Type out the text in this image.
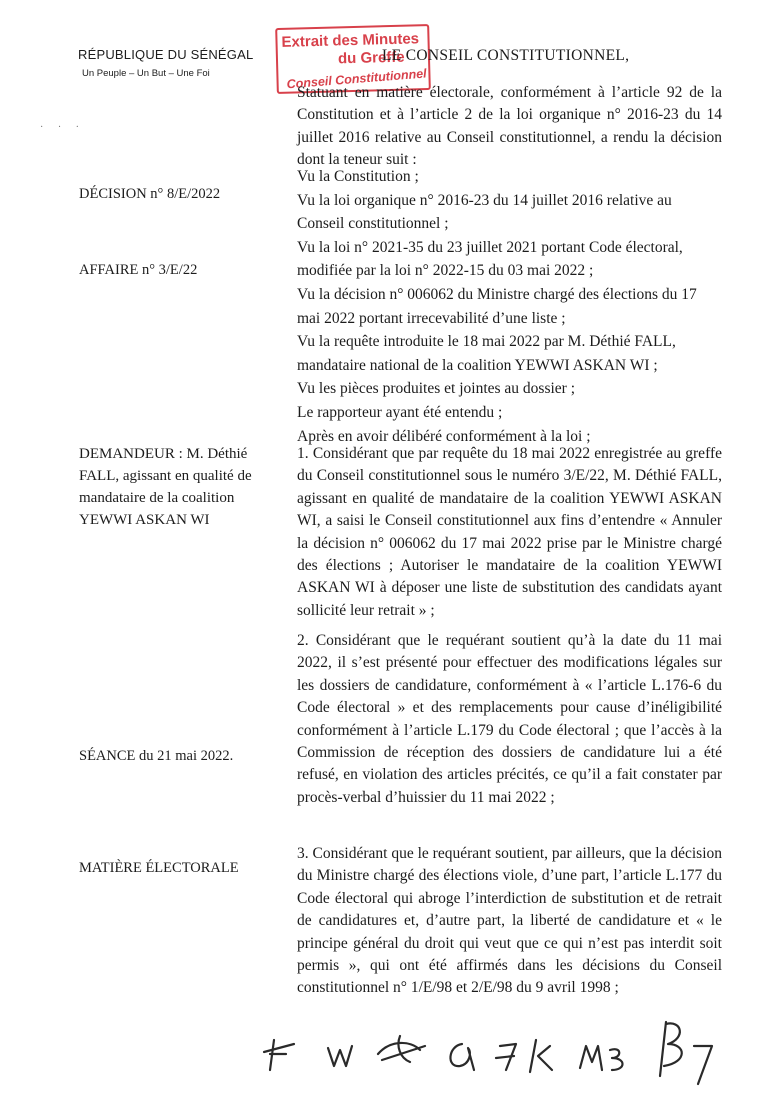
RÉPUBLIQUE DU SÉNÉGAL
Un Peuple – Un But – Une Foi
· · ·
Extrait des Minutes
du Greffe
Conseil Constitutionnel
LE CONSEIL CONSTITUTIONNEL,

Statuant en matière électorale, conformément à l’article 92 de la Constitution et à l’article 2 de la loi organique n° 2016-23 du 14 juillet 2016 relative au Conseil constitutionnel, a rendu la décision dont la teneur suit :

DÉCISION n° 8/E/2022
AFFAIRE n° 3/E/22
DEMANDEUR : M. Déthié FALL, agissant en qualité de mandataire de la coalition YEWWI ASKAN WI
SÉANCE du 21 mai 2022.
MATIÈRE ÉLECTORALE
Vu la Constitution ;
Vu la loi organique n° 2016-23 du 14 juillet 2016 relative au Conseil constitutionnel ;
Vu la loi n° 2021-35 du 23 juillet 2021 portant Code électoral, modifiée par la loi n° 2022-15 du 03 mai 2022 ;
Vu la décision n° 006062 du Ministre chargé des élections du 17 mai 2022 portant irrecevabilité d’une liste ;
Vu la requête introduite le 18 mai 2022 par M. Déthié FALL, mandataire national de la coalition YEWWI ASKAN WI ;
Vu les pièces produites et jointes au dossier ;
Le rapporteur ayant été entendu ;
Après en avoir délibéré conformément à la loi ;

1. Considérant que par requête du 18 mai 2022 enregistrée au greffe du Conseil constitutionnel sous le numéro 3/E/22, M. Déthié FALL, agissant en qualité de mandataire de la coalition YEWWI ASKAN WI, a saisi le Conseil constitutionnel aux fins d’entendre « Annuler la décision n° 006062 du 17 mai 2022 prise par le Ministre chargé des élections ; Autoriser le mandataire de la coalition YEWWI ASKAN WI à déposer une liste de substitution des candidats ayant sollicité leur retrait » ;

2. Considérant que le requérant soutient qu’à la date du 11 mai 2022, il s’est présenté pour effectuer des modifications légales sur les dossiers de candidature, conformément à « l’article L.176-6 du Code électoral » et des remplacements pour cause d’inéligibilité conformément à l’article L.179 du Code électoral ; que l’accès à la Commission de réception des dossiers de candidature lui a été refusé, en violation des articles précités, ce qu’il a fait constater par procès-verbal d’huissier du 11 mai 2022 ;

3. Considérant que le requérant soutient, par ailleurs, que la décision du Ministre chargé des élections viole, d’une part, l’article L.177 du Code électoral qui abroge l’interdiction de substitution et de retrait de candidatures et, d’autre part, la liberté de candidature et « le principe général du droit qui veut que ce qui n’est pas interdit soit permis », qui ont été affirmés dans les décisions du Conseil constitutionnel n° 1/E/98 et 2/E/98 du 9 avril 1998 ;
